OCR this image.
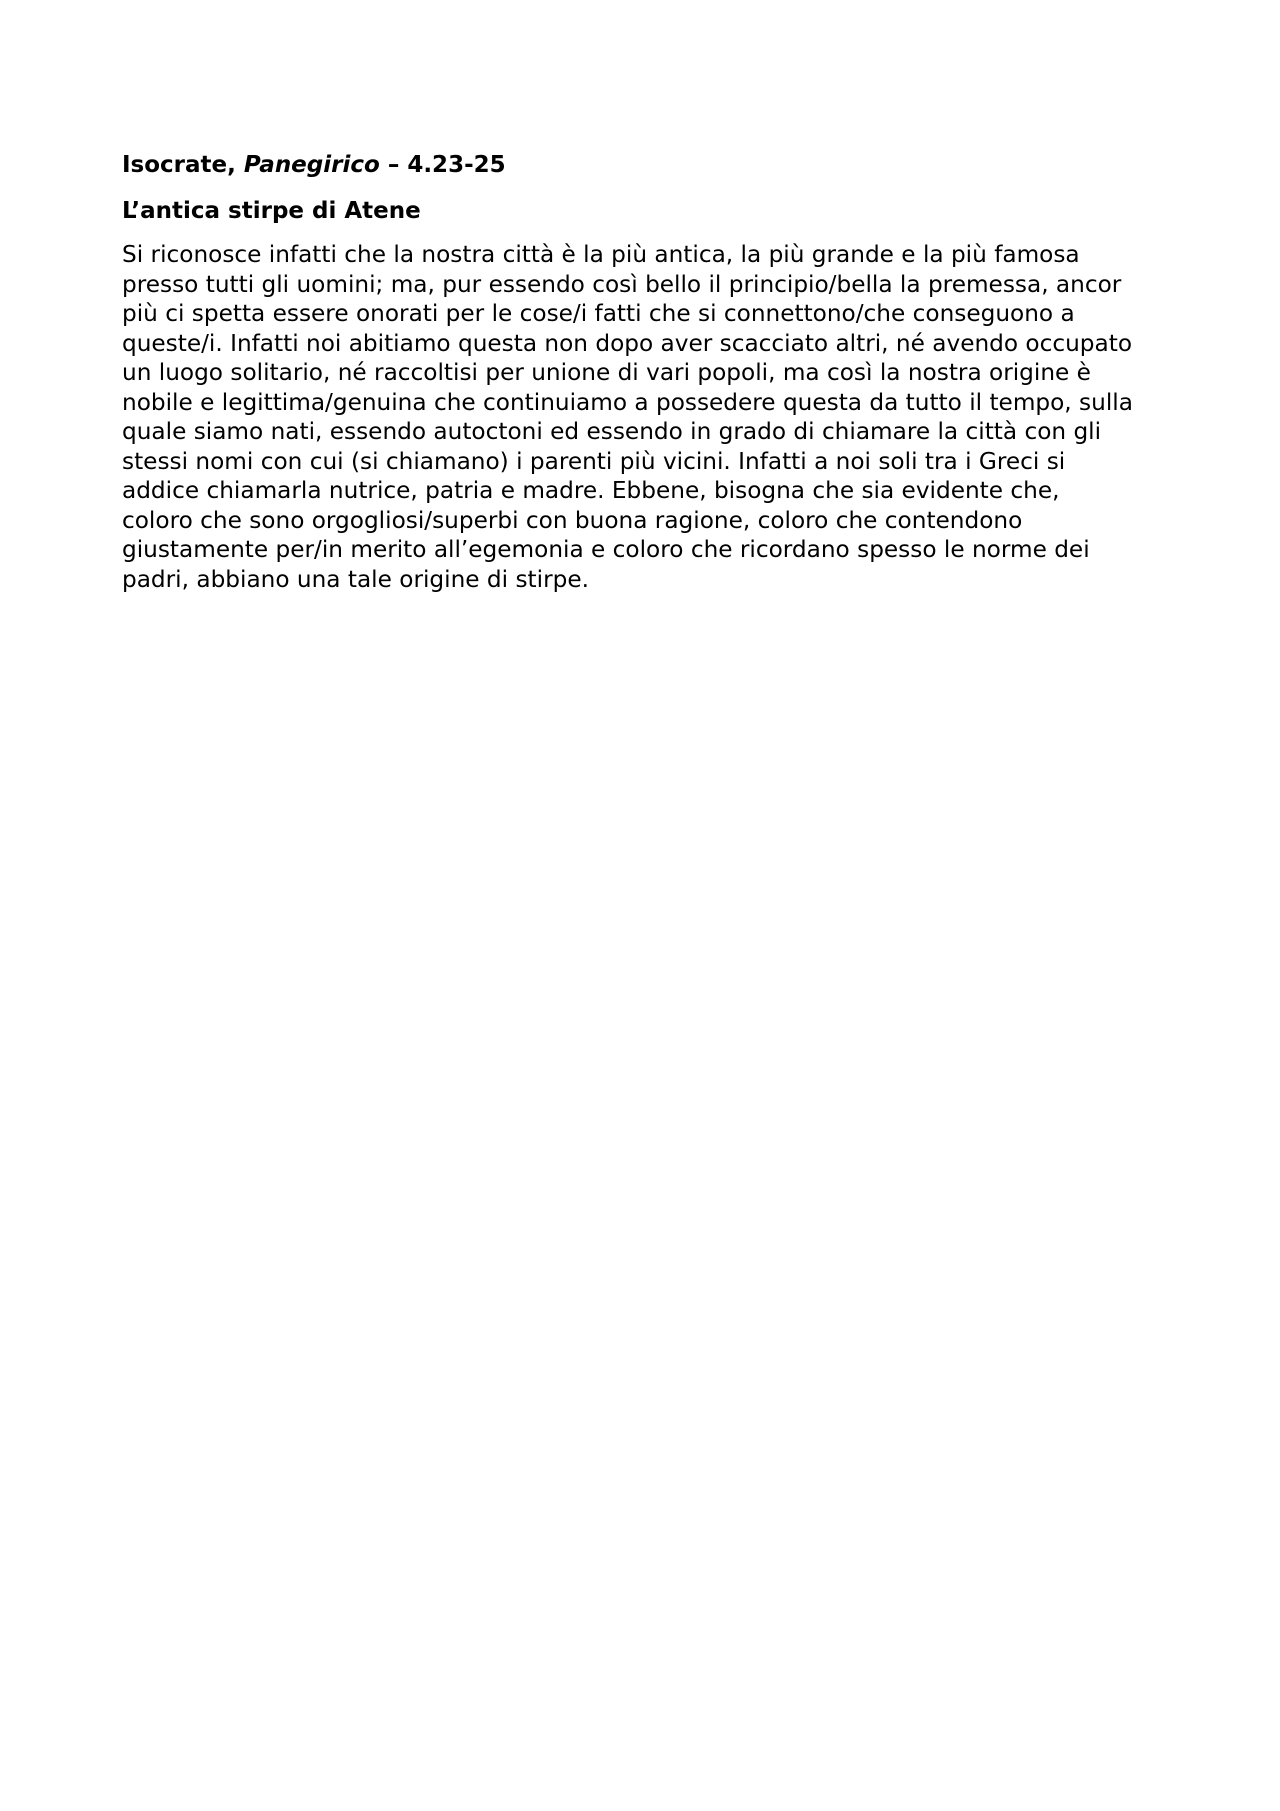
Isocrate, Panegirico – 4.23-25

L’antica stirpe di Atene

Si riconosce infatti che la nostra città è la più antica, la più grande e la più famosa
presso tutti gli uomini; ma, pur essendo così bello il principio/bella la premessa, ancor
più ci spetta essere onorati per le cose/i fatti che si connettono/che conseguono a
queste/i. Infatti noi abitiamo questa non dopo aver scacciato altri, né avendo occupato
un luogo solitario, né raccoltisi per unione di vari popoli, ma così la nostra origine è
nobile e legittima/genuina che continuiamo a possedere questa da tutto il tempo, sulla
quale siamo nati, essendo autoctoni ed essendo in grado di chiamare la città con gli
stessi nomi con cui (si chiamano) i parenti più vicini. Infatti a noi soli tra i Greci si
addice chiamarla nutrice, patria e madre. Ebbene, bisogna che sia evidente che,
coloro che sono orgogliosi/superbi con buona ragione, coloro che contendono
giustamente per/in merito all’egemonia e coloro che ricordano spesso le norme dei
padri, abbiano una tale origine di stirpe.
